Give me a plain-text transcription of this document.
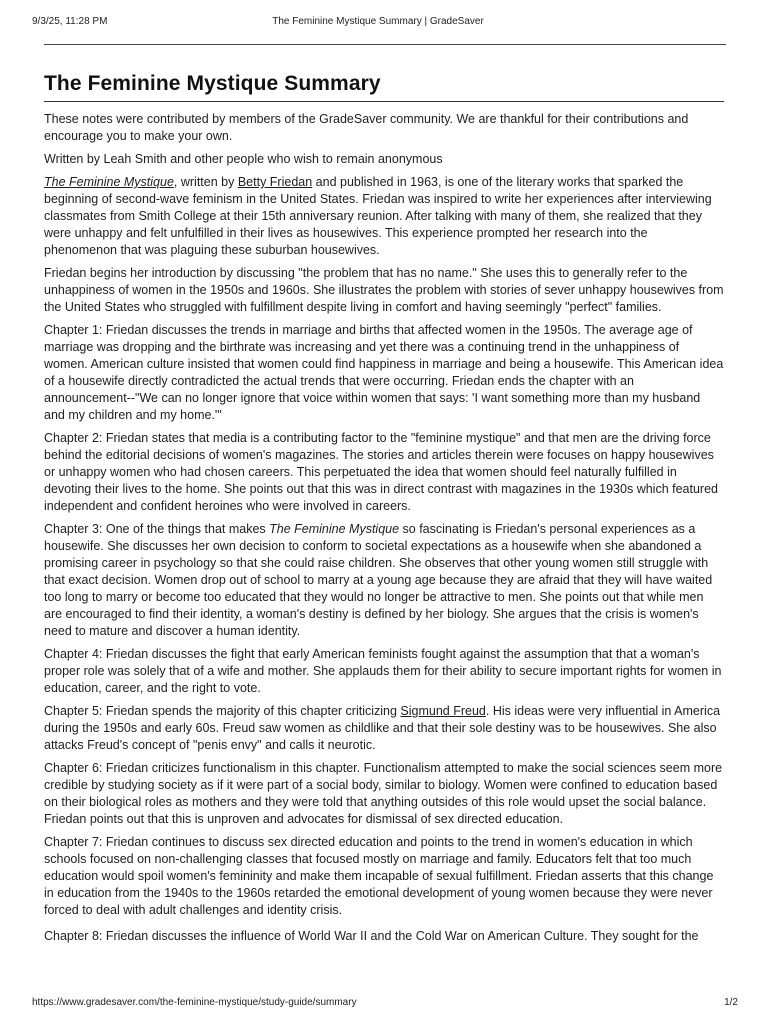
9/3/25, 11:28 PM	The Feminine Mystique Summary | GradeSaver
The Feminine Mystique Summary

These notes were contributed by members of the GradeSaver community. We are thankful for their contributions and encourage you to make your own.

Written by Leah Smith and other people who wish to remain anonymous

The Feminine Mystique, written by Betty Friedan and published in 1963, is one of the literary works that sparked the beginning of second-wave feminism in the United States. Friedan was inspired to write her experiences after interviewing classmates from Smith College at their 15th anniversary reunion. After talking with many of them, she realized that they were unhappy and felt unfulfilled in their lives as housewives. This experience prompted her research into the phenomenon that was plaguing these suburban housewives.

Friedan begins her introduction by discussing "the problem that has no name." She uses this to generally refer to the unhappiness of women in the 1950s and 1960s. She illustrates the problem with stories of sever unhappy housewives from the United States who struggled with fulfillment despite living in comfort and having seemingly "perfect" families.

Chapter 1: Friedan discusses the trends in marriage and births that affected women in the 1950s. The average age of marriage was dropping and the birthrate was increasing and yet there was a continuing trend in the unhappiness of women. American culture insisted that women could find happiness in marriage and being a housewife. This American idea of a housewife directly contradicted the actual trends that were occurring. Friedan ends the chapter with an announcement--"We can no longer ignore that voice within women that says: 'I want something more than my husband and my children and my home.'"

Chapter 2: Friedan states that media is a contributing factor to the "feminine mystique" and that men are the driving force behind the editorial decisions of women's magazines. The stories and articles therein were focuses on happy housewives or unhappy women who had chosen careers. This perpetuated the idea that women should feel naturally fulfilled in devoting their lives to the home. She points out that this was in direct contrast with magazines in the 1930s which featured independent and confident heroines who were involved in careers.

Chapter 3: One of the things that makes The Feminine Mystique so fascinating is Friedan's personal experiences as a housewife. She discusses her own decision to conform to societal expectations as a housewife when she abandoned a promising career in psychology so that she could raise children. She observes that other young women still struggle with that exact decision. Women drop out of school to marry at a young age because they are afraid that they will have waited too long to marry or become too educated that they would no longer be attractive to men. She points out that while men are encouraged to find their identity, a woman's destiny is defined by her biology. She argues that the crisis is women's need to mature and discover a human identity.

Chapter 4: Friedan discusses the fight that early American feminists fought against the assumption that that a woman's proper role was solely that of a wife and mother. She applauds them for their ability to secure important rights for women in education, career, and the right to vote.

Chapter 5: Friedan spends the majority of this chapter criticizing Sigmund Freud. His ideas were very influential in America during the 1950s and early 60s. Freud saw women as childlike and that their sole destiny was to be housewives. She also attacks Freud's concept of "penis envy" and calls it neurotic.

Chapter 6: Friedan criticizes functionalism in this chapter. Functionalism attempted to make the social sciences seem more credible by studying society as if it were part of a social body, similar to biology. Women were confined to education based on their biological roles as mothers and they were told that anything outsides of this role would upset the social balance. Friedan points out that this is unproven and advocates for dismissal of sex directed education.

Chapter 7: Friedan continues to discuss sex directed education and points to the trend in women's education in which schools focused on non-challenging classes that focused mostly on marriage and family. Educators felt that too much education would spoil women's femininity and make them incapable of sexual fulfillment. Friedan asserts that this change in education from the 1940s to the 1960s retarded the emotional development of young women because they were never forced to deal with adult challenges and identity crisis.

Chapter 8: Friedan discusses the influence of World War II and the Cold War on American Culture. They sought for the
https://www.gradesaver.com/the-feminine-mystique/study-guide/summary	1/2
